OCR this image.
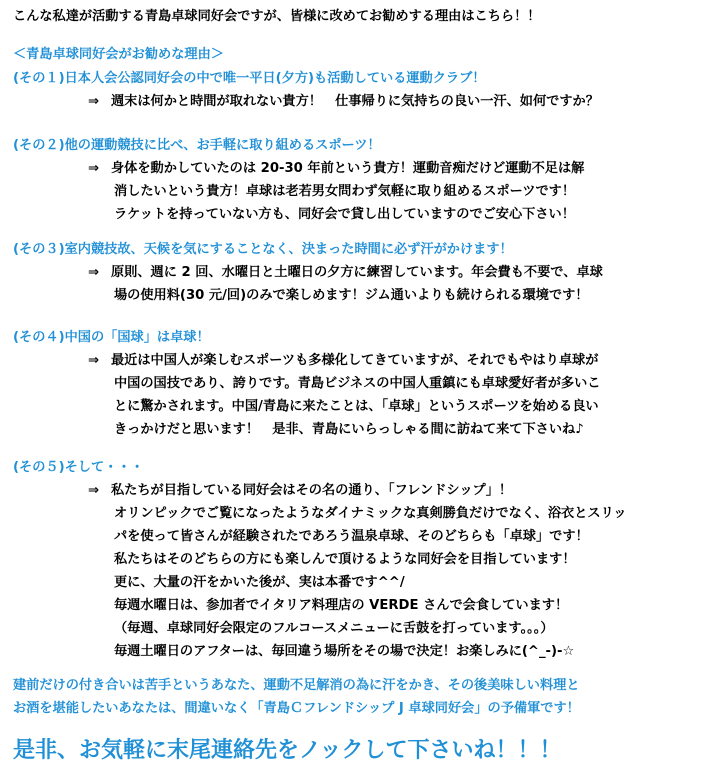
こんな私達が活動する青島卓球同好会ですが、皆様に改めてお勧めする理由はこちら！！
＜青島卓球同好会がお勧めな理由＞
(その１)日本人会公認同好会の中で唯一平日(夕方)も活動している運動クラブ！
⇒ 週末は何かと時間が取れない貴方！　仕事帰りに気持ちの良い一汗、如何ですか？
(その２)他の運動競技に比べ、お手軽に取り組めるスポーツ！
⇒ 身体を動かしていたのは 20-30 年前という貴方！運動音痴だけど運動不足は解
消したいという貴方！卓球は老若男女問わず気軽に取り組めるスポーツです！
ラケットを持っていない方も、同好会で貸し出していますのでご安心下さい！
(その３)室内競技故、天候を気にすることなく、決まった時間に必ず汗がかけます！
⇒ 原則、週に 2 回、水曜日と土曜日の夕方に練習しています。年会費も不要で、卓球
場の使用料(30 元/回)のみで楽しめます！ジム通いよりも続けられる環境です！
(その４)中国の「国球」は卓球！
⇒ 最近は中国人が楽しむスポーツも多様化してきていますが、それでもやはり卓球が
中国の国技であり、誇りです。青島ビジネスの中国人重鎮にも卓球愛好者が多いこ
とに驚かされます。中国/青島に来たことは、「卓球」というスポーツを始める良い
きっかけだと思います！　是非、青島にいらっしゃる間に訪ねて来て下さいね♪
(その５)そして・・・
⇒ 私たちが目指している同好会はその名の通り、「フレンドシップ」！
オリンピックでご覧になったようなダイナミックな真剣勝負だけでなく、浴衣とスリッ
パを使って皆さんが経験されたであろう温泉卓球、そのどちらも「卓球」です！
私たちはそのどちらの方にも楽しんで頂けるような同好会を目指しています！
更に、大量の汗をかいた後が、実は本番です^^/
毎週水曜日は、参加者でイタリア料理店の VERDE さんで会食しています！
（毎週、卓球同好会限定のフルコースメニューに舌鼓を打っています。。。）
毎週土曜日のアフターは、毎回違う場所をその場で決定！お楽しみに(^_-)-☆
建前だけの付き合いは苦手というあなた、運動不足解消の為に汗をかき、その後美味しい料理と
お酒を堪能したいあなたは、間違いなく「青島Ｃフレンドシップ J 卓球同好会」の予備軍です！
是非、お気軽に末尾連絡先をノックして下さいね！！！
